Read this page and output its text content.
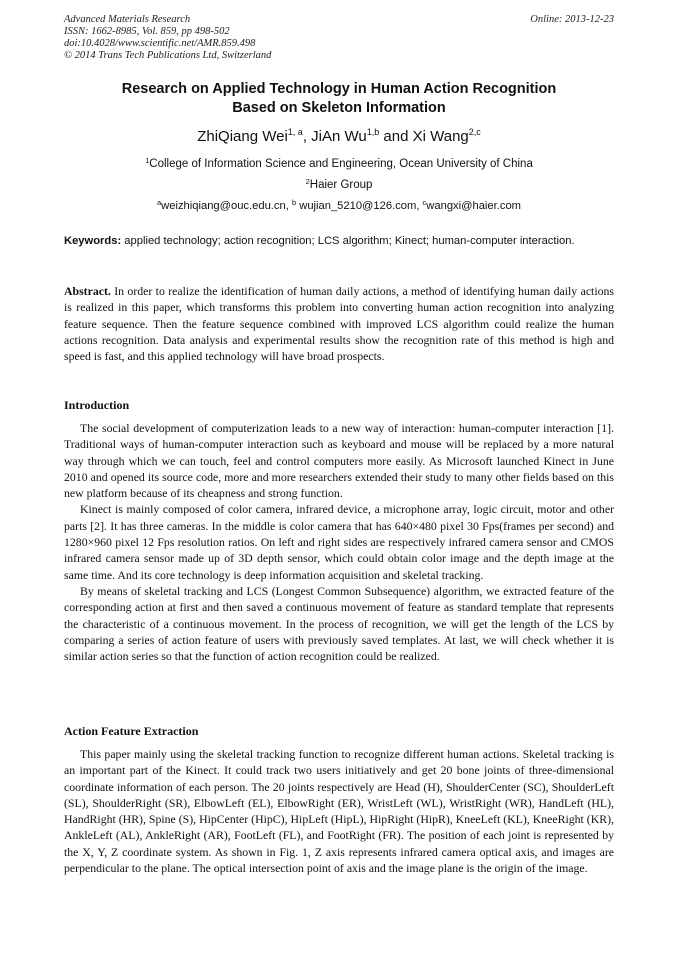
Advanced Materials Research
ISSN: 1662-8985, Vol. 859, pp 498-502
doi:10.4028/www.scientific.net/AMR.859.498
© 2014 Trans Tech Publications Ltd, Switzerland
Online: 2013-12-23
Research on Applied Technology in Human Action Recognition
Based on Skeleton Information
ZhiQiang Wei$^{1, a}$, JiAn Wu$^{1,b}$ and Xi Wang$^{2,c}$
$^1$College of Information Science and Engineering, Ocean University of China
$^2$Haier Group
$^a$weizhiqiang@ouc.edu.cn, $^b$ wujian_5210@126.com, $^c$wangxi@haier.com
Keywords: applied technology; action recognition; LCS algorithm; Kinect; human-computer interaction.

Abstract. In order to realize the identification of human daily actions, a method of identifying human daily actions is realized in this paper, which transforms this problem into converting human action recognition into analyzing feature sequence. Then the feature sequence combined with improved LCS algorithm could realize the human actions recognition. Data analysis and experimental results show the recognition rate of this method is high and speed is fast, and this applied technology will have broad prospects.

Introduction

The social development of computerization leads to a new way of interaction: human-computer interaction [1]. Traditional ways of human-computer interaction such as keyboard and mouse will be replaced by a more natural way through which we can touch, feel and control computers more easily. As Microsoft launched Kinect in June 2010 and opened its source code, more and more researchers extended their study to many other fields based on this new platform because of its cheapness and strong function.

Kinect is mainly composed of color camera, infrared device, a microphone array, logic circuit, motor and other parts [2]. It has three cameras. In the middle is color camera that has 640×480 pixel 30 Fps(frames per second) and 1280×960 pixel 12 Fps resolution ratios. On left and right sides are respectively infrared camera sensor and CMOS infrared camera sensor made up of 3D depth sensor, which could obtain color image and the depth image at the same time. And its core technology is deep information acquisition and skeletal tracking.

By means of skeletal tracking and LCS (Longest Common Subsequence) algorithm, we extracted feature of the corresponding action at first and then saved a continuous movement of feature as standard template that represents the characteristic of a continuous movement. In the process of recognition, we will get the length of the LCS by comparing a series of action feature of users with previously saved templates. At last, we will check whether it is similar action series so that the function of action recognition could be realized.

Action Feature Extraction

This paper mainly using the skeletal tracking function to recognize different human actions. Skeletal tracking is an important part of the Kinect. It could track two users initiatively and get 20 bone joints of three-dimensional coordinate information of each person. The 20 joints respectively are Head (H), ShoulderCenter (SC), ShoulderLeft (SL), ShoulderRight (SR), ElbowLeft (EL), ElbowRight (ER), WristLeft (WL), WristRight (WR), HandLeft (HL), HandRight (HR), Spine (S), HipCenter (HipC), HipLeft (HipL), HipRight (HipR), KneeLeft (KL), KneeRight (KR), AnkleLeft (AL), AnkleRight (AR), FootLeft (FL), and FootRight (FR). The position of each joint is represented by the X, Y, Z coordinate system. As shown in Fig. 1, Z axis represents infrared camera optical axis, and images are perpendicular to the plane. The optical intersection point of axis and the image plane is the origin of the image.
